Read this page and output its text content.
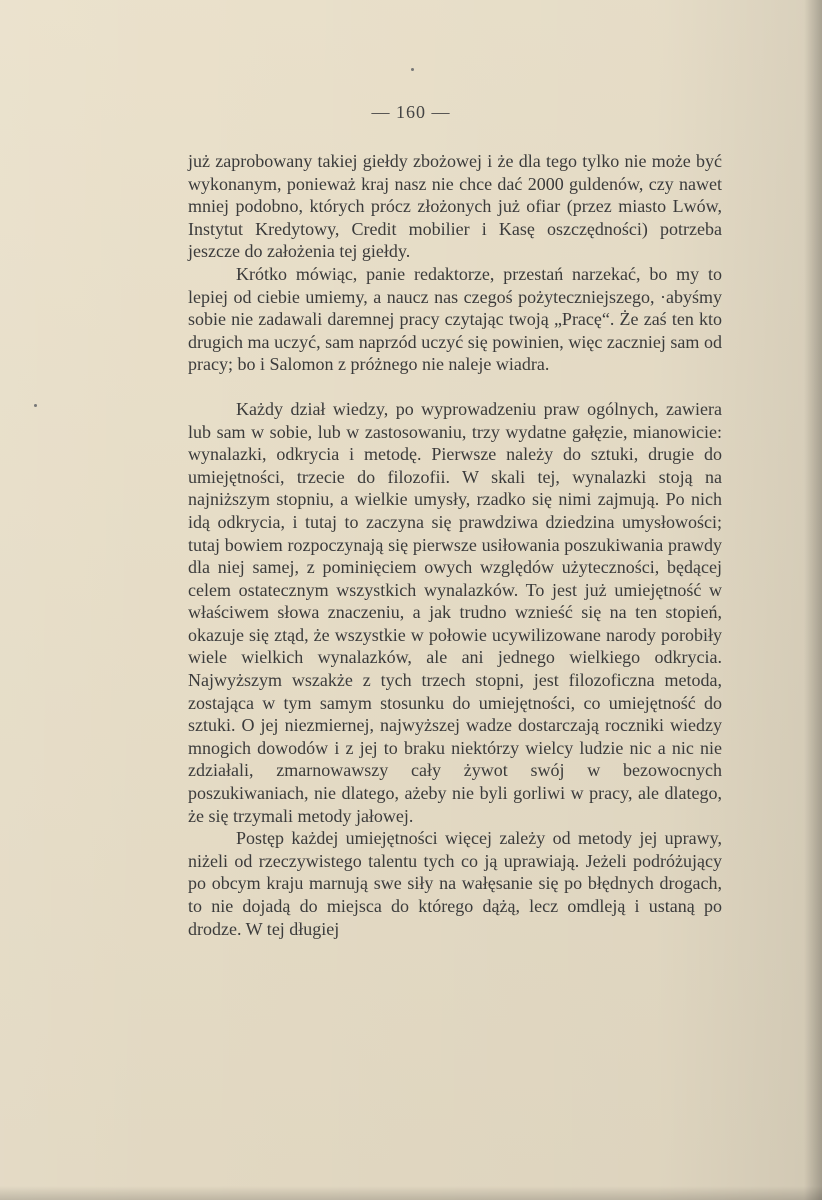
— 160 —

już zaprobowany takiej giełdy zbożowej i że dla tego tylko nie może być wykonanym, ponieważ kraj nasz nie chce dać 2000 guldenów, czy nawet mniej podobno, których prócz złożonych już ofiar (przez miasto Lwów, Instytut Kredytowy, Credit mobilier i Kasę oszczędności) potrzeba jeszcze do założenia tej giełdy.

Krótko mówiąc, panie redaktorze, przestań narzekać, bo my to lepiej od ciebie umiemy, a naucz nas czegoś pożyteczniejszego, ·abyśmy sobie nie zadawali daremnej pracy czytając twoją „Pracę“. Że zaś ten kto drugich ma uczyć, sam naprzód uczyć się powinien, więc zaczniej sam od pracy; bo i Salomon z próżnego nie naleje wiadra.

Każdy dział wiedzy, po wyprowadzeniu praw ogólnych, zawiera lub sam w sobie, lub w zastosowaniu, trzy wydatne gałęzie, mianowicie: wynalazki, odkrycia i metodę. Pierwsze należy do sztuki, drugie do umiejętności, trzecie do filozofii. W skali tej, wynalazki stoją na najniższym stopniu, a wielkie umysły, rzadko się nimi zajmują. Po nich idą odkrycia, i tutaj to zaczyna się prawdziwa dziedzina umysłowości; tutaj bowiem rozpoczynają się pierwsze usiłowania poszukiwania prawdy dla niej samej, z pominięciem owych względów użyteczności, będącej celem ostatecznym wszystkich wynalazków. To jest już umiejętność w właściwem słowa znaczeniu, a jak trudno wznieść się na ten stopień, okazuje się ztąd, że wszystkie w połowie ucywilizowane narody porobiły wiele wielkich wynalazków, ale ani jednego wielkiego odkrycia. Najwyższym wszakże z tych trzech stopni, jest filozoficzna metoda, zostająca w tym samym stosunku do umiejętności, co umiejętność do sztuki. O jej niezmiernej, najwyższej wadze dostarczają roczniki wiedzy mnogich dowodów i z jej to braku niektórzy wielcy ludzie nic a nic nie zdziałali, zmarnowawszy cały żywot swój w bezowocnych poszukiwaniach, nie dlatego, ażeby nie byli gorliwi w pracy, ale dlatego, że się trzymali metody jałowej.

Postęp każdej umiejętności więcej zależy od metody jej uprawy, niżeli od rzeczywistego talentu tych co ją uprawiają. Jeżeli podróżujący po obcym kraju marnują swe siły na wałęsanie się po błędnych drogach, to nie dojadą do miejsca do którego dążą, lecz omdleją i ustaną po drodze. W tej długiej
